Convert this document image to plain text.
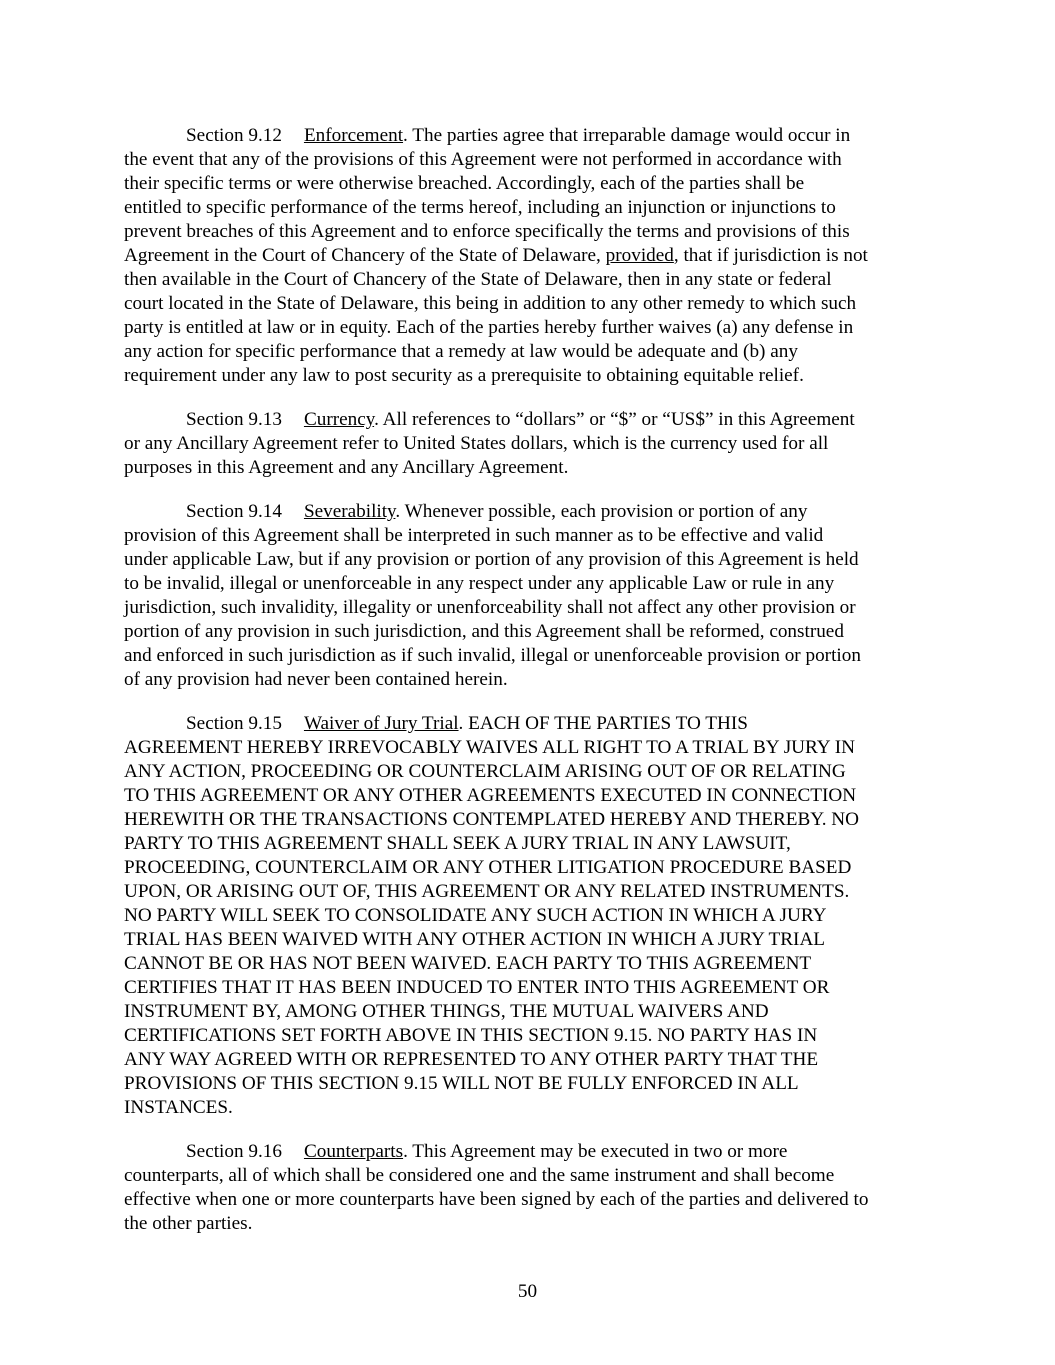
Section 9.12 Enforcement. The parties agree that irreparable damage would occur in
the event that any of the provisions of this Agreement were not performed in accordance with
their specific terms or were otherwise breached. Accordingly, each of the parties shall be
entitled to specific performance of the terms hereof, including an injunction or injunctions to
prevent breaches of this Agreement and to enforce specifically the terms and provisions of this
Agreement in the Court of Chancery of the State of Delaware, provided, that if jurisdiction is not
then available in the Court of Chancery of the State of Delaware, then in any state or federal
court located in the State of Delaware, this being in addition to any other remedy to which such
party is entitled at law or in equity. Each of the parties hereby further waives (a) any defense in
any action for specific performance that a remedy at law would be adequate and (b) any
requirement under any law to post security as a prerequisite to obtaining equitable relief.

Section 9.13 Currency. All references to “dollars” or “$” or “US$” in this Agreement
or any Ancillary Agreement refer to United States dollars, which is the currency used for all
purposes in this Agreement and any Ancillary Agreement.

Section 9.14 Severability. Whenever possible, each provision or portion of any
provision of this Agreement shall be interpreted in such manner as to be effective and valid
under applicable Law, but if any provision or portion of any provision of this Agreement is held
to be invalid, illegal or unenforceable in any respect under any applicable Law or rule in any
jurisdiction, such invalidity, illegality or unenforceability shall not affect any other provision or
portion of any provision in such jurisdiction, and this Agreement shall be reformed, construed
and enforced in such jurisdiction as if such invalid, illegal or unenforceable provision or portion
of any provision had never been contained herein.

Section 9.15 Waiver of Jury Trial. EACH OF THE PARTIES TO THIS
AGREEMENT HEREBY IRREVOCABLY WAIVES ALL RIGHT TO A TRIAL BY JURY IN
ANY ACTION, PROCEEDING OR COUNTERCLAIM ARISING OUT OF OR RELATING
TO THIS AGREEMENT OR ANY OTHER AGREEMENTS EXECUTED IN CONNECTION
HEREWITH OR THE TRANSACTIONS CONTEMPLATED HEREBY AND THEREBY. NO
PARTY TO THIS AGREEMENT SHALL SEEK A JURY TRIAL IN ANY LAWSUIT,
PROCEEDING, COUNTERCLAIM OR ANY OTHER LITIGATION PROCEDURE BASED
UPON, OR ARISING OUT OF, THIS AGREEMENT OR ANY RELATED INSTRUMENTS.
NO PARTY WILL SEEK TO CONSOLIDATE ANY SUCH ACTION IN WHICH A JURY
TRIAL HAS BEEN WAIVED WITH ANY OTHER ACTION IN WHICH A JURY TRIAL
CANNOT BE OR HAS NOT BEEN WAIVED. EACH PARTY TO THIS AGREEMENT
CERTIFIES THAT IT HAS BEEN INDUCED TO ENTER INTO THIS AGREEMENT OR
INSTRUMENT BY, AMONG OTHER THINGS, THE MUTUAL WAIVERS AND
CERTIFICATIONS SET FORTH ABOVE IN THIS SECTION 9.15. NO PARTY HAS IN
ANY WAY AGREED WITH OR REPRESENTED TO ANY OTHER PARTY THAT THE
PROVISIONS OF THIS SECTION 9.15 WILL NOT BE FULLY ENFORCED IN ALL
INSTANCES.

Section 9.16 Counterparts. This Agreement may be executed in two or more
counterparts, all of which shall be considered one and the same instrument and shall become
effective when one or more counterparts have been signed by each of the parties and delivered to
the other parties.

50
